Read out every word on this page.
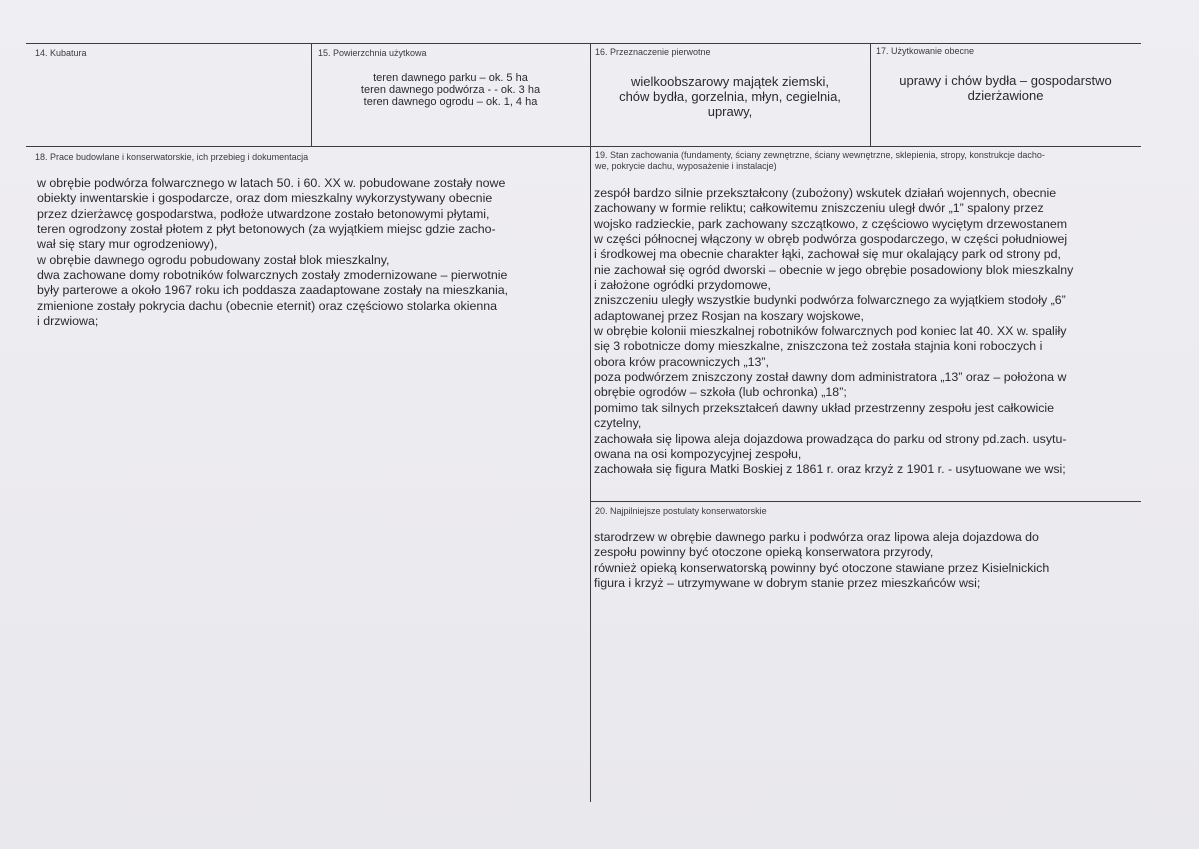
14. Kubatura	15. Powierzchnia użytkowa
teren dawnego parku – ok. 5 ha
teren dawnego podwórza - - ok. 3 ha
teren dawnego ogrodu – ok. 1, 4 ha
16. Przeznaczenie pierwotne
wielkoobszarowy majątek ziemski,
chów bydła, gorzelnia, młyn, cegielnia,
uprawy,
17. Użytkowanie obecne
uprawy i chów bydła – gospodarstwo
dzierżawione
18. Prace budowlane i konserwatorskie, ich przebieg i dokumentacja
w obrębie podwórza folwarcznego w latach 50. i 60. XX w. pobudowane zostały nowe
obiekty inwentarskie i gospodarcze, oraz dom mieszkalny wykorzystywany obecnie
przez dzierżawcę gospodarstwa, podłoże utwardzone zostało betonowymi płytami,
teren ogrodzony został płotem z płyt betonowych (za wyjątkiem miejsc gdzie zacho-
wał się stary mur ogrodzeniowy),
w obrębie dawnego ogrodu pobudowany został blok mieszkalny,
dwa zachowane domy robotników folwarcznych zostały zmodernizowane – pierwotnie
były parterowe a około 1967 roku ich poddasza zaadaptowane zostały na mieszkania,
zmienione zostały pokrycia dachu (obecnie eternit) oraz częściowo stolarka okienna
i drzwiowa;
19. Stan zachowania (fundamenty, ściany zewnętrzne, ściany wewnętrzne, sklepienia, stropy, konstrukcje dacho-
we, pokrycie dachu, wyposażenie i instalacje)
zespół bardzo silnie przekształcony (zubożony) wskutek działań wojennych, obecnie
zachowany w formie reliktu; całkowitemu zniszczeniu uległ dwór „1” spalony przez
wojsko radzieckie, park zachowany szczątkowo, z częściowo wyciętym drzewostanem
w części północnej włączony w obręb podwórza gospodarczego, w części południowej
i środkowej ma obecnie charakter łąki, zachował się mur okalający park od strony pd,
nie zachował się ogród dworski – obecnie w jego obrębie posadowiony blok mieszkalny
i założone ogródki przydomowe,
zniszczeniu uległy wszystkie budynki podwórza folwarcznego za wyjątkiem stodoły „6”
adaptowanej przez Rosjan na koszary wojskowe,
w obrębie kolonii mieszkalnej robotników folwarcznych pod koniec lat 40. XX w. spaliły
się 3 robotnicze domy mieszkalne, zniszczona też została stajnia koni roboczych i
obora krów pracowniczych „13”,
poza podwórzem zniszczony został dawny dom administratora „13” oraz – położona w
obrębie ogrodów – szkoła (lub ochronka) „18”;
pomimo tak silnych przekształceń dawny układ przestrzenny zespołu jest całkowicie
czytelny,
zachowała się lipowa aleja dojazdowa prowadząca do parku od strony pd.zach. usytu-
owana na osi kompozycyjnej zespołu,
zachowała się figura Matki Boskiej z 1861 r. oraz krzyż z 1901 r. - usytuowane we wsi;
20. Najpilniejsze postulaty konserwatorskie
starodrzew w obrębie dawnego parku i podwórza oraz lipowa aleja dojazdowa do
zespołu powinny być otoczone opieką konserwatora przyrody,
również opieką konserwatorską powinny być otoczone stawiane przez Kisielnickich
figura i krzyż – utrzymywane w dobrym stanie przez mieszkańców wsi;
